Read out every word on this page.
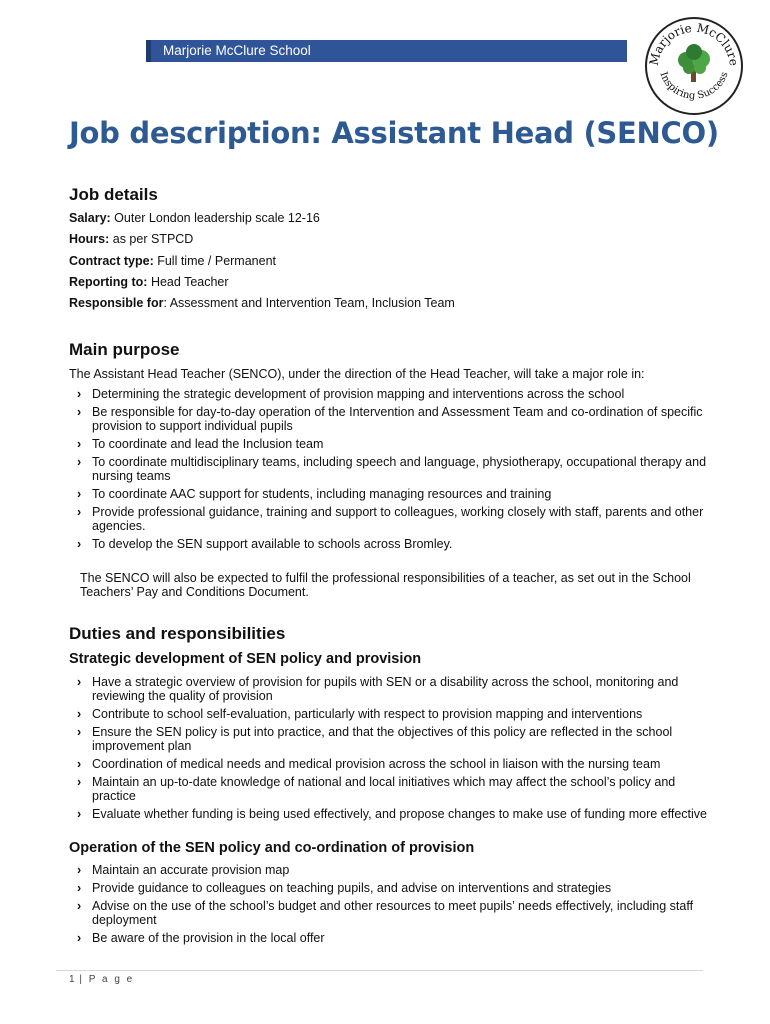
Marjorie McClure School
Marjorie McClure
Inspiring Success
Job description: Assistant Head (SENCO)
Job details

Salary: Outer London leadership scale 12-16

Hours: as per STPCD

Contract type: Full time / Permanent

Reporting to: Head Teacher

Responsible for: Assessment and Intervention Team, Inclusion Team

Main purpose

The Assistant Head Teacher (SENCO), under the direction of the Head Teacher, will take a major role in:

› Determining the strategic development of provision mapping and interventions across the school
› Be responsible for day-to-day operation of the Intervention and Assessment Team and co-ordination of specific provision to support individual pupils
› To coordinate and lead the Inclusion team
› To coordinate multidisciplinary teams, including speech and language, physiotherapy, occupational therapy and nursing teams
› To coordinate AAC support for students, including managing resources and training
› Provide professional guidance, training and support to colleagues, working closely with staff, parents and other agencies.
› To develop the SEN support available to schools across Bromley.

The SENCO will also be expected to fulfil the professional responsibilities of a teacher, as set out in the School Teachers’ Pay and Conditions Document.

Duties and responsibilities
Strategic development of SEN policy and provision
› Have a strategic overview of provision for pupils with SEN or a disability across the school, monitoring and reviewing the quality of provision
› Contribute to school self-evaluation, particularly with respect to provision mapping and interventions
› Ensure the SEN policy is put into practice, and that the objectives of this policy are reflected in the school improvement plan
› Coordination of medical needs and medical provision across the school in liaison with the nursing team
› Maintain an up-to-date knowledge of national and local initiatives which may affect the school’s policy and practice
› Evaluate whether funding is being used effectively, and propose changes to make use of funding more effective
Operation of the SEN policy and co-ordination of provision
› Maintain an accurate provision map
› Provide guidance to colleagues on teaching pupils, and advise on interventions and strategies
› Advise on the use of the school’s budget and other resources to meet pupils’ needs effectively, including staff deployment
› Be aware of the provision in the local offer
1 | P a g e
